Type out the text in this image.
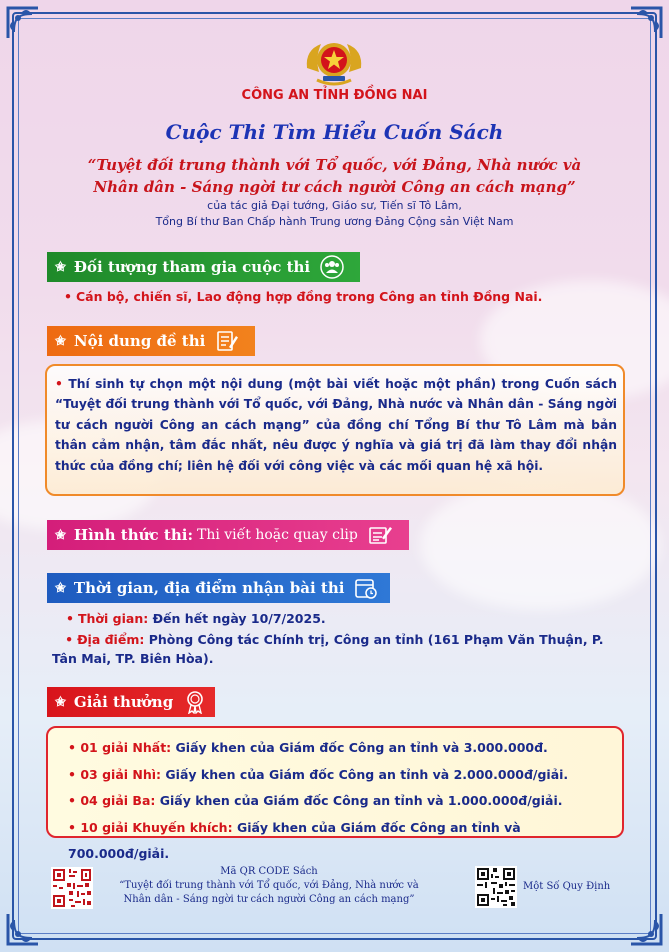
CÔNG AN TỈNH ĐỒNG NAI
Cuộc Thi Tìm Hiểu Cuốn Sách
“Tuyệt đối trung thành với Tổ quốc, với Đảng, Nhà nước và
Nhân dân - Sáng ngời tư cách người Công an cách mạng”
của tác giả Đại tướng, Giáo sư, Tiến sĩ Tô Lâm,
Tổng Bí thư Ban Chấp hành Trung ương Đảng Cộng sản Việt Nam
✬ Đối tượng tham gia cuộc thi
• Cán bộ, chiến sĩ, Lao động hợp đồng trong Công an tỉnh Đồng Nai.
✬ Nội dung đề thi

• Thí sinh tự chọn một nội dung (một bài viết hoặc một phần) trong Cuốn sách “Tuyệt đối trung thành với Tổ quốc, với Đảng, Nhà nước và Nhân dân - Sáng ngời tư cách người Công an cách mạng” của đồng chí Tổng Bí thư Tô Lâm mà bản thân cảm nhận, tâm đắc nhất, nêu được ý nghĩa và giá trị đã làm thay đổi nhận thức của đồng chí; liên hệ đối với công việc và các mối quan hệ xã hội.

✬ Hình thức thi: Thi viết hoặc quay clip
✬ Thời gian, địa điểm nhận bài thi
• Thời gian: Đến hết ngày 10/7/2025.
• Địa điểm: Phòng Công tác Chính trị, Công an tỉnh (161 Phạm Văn Thuận, P. Tân Mai, TP. Biên Hòa).
✬ Giải thưởng
• 01 giải Nhất: Giấy khen của Giám đốc Công an tỉnh và 3.000.000đ.
• 03 giải Nhì: Giấy khen của Giám đốc Công an tỉnh và 2.000.000đ/giải.
• 04 giải Ba: Giấy khen của Giám đốc Công an tỉnh và 1.000.000đ/giải.
• 10 giải Khuyến khích: Giấy khen của Giám đốc Công an tỉnh và 700.000đ/giải.
Mã QR CODE Sách
“Tuyệt đối trung thành với Tổ quốc, với Đảng, Nhà nước và
Nhân dân - Sáng ngời tư cách người Công an cách mạng”
Một Số Quy Định
